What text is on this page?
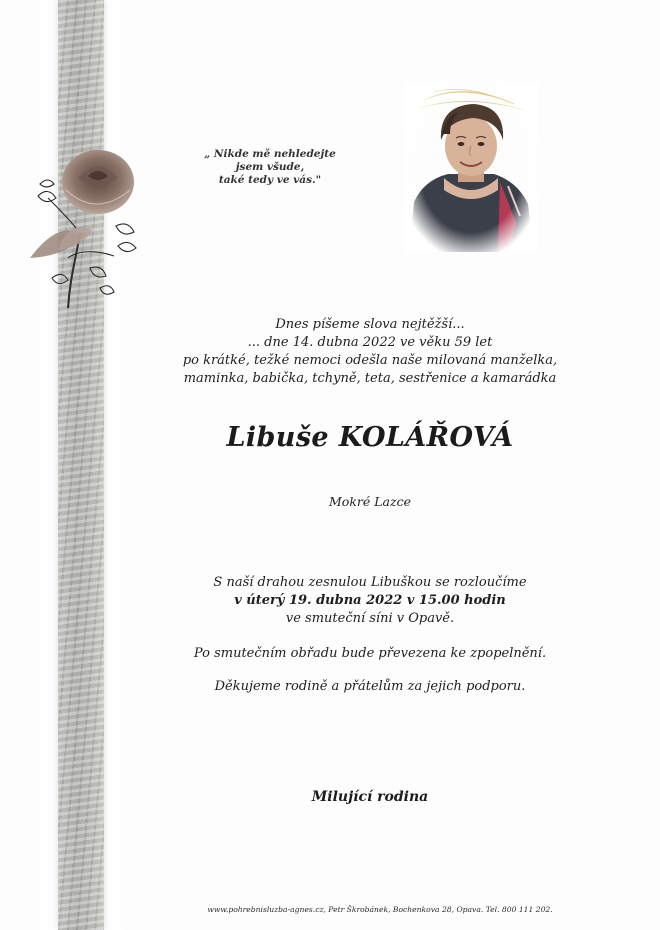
„ Nikde mě nehledejte
jsem všude,
také tedy ve vás."
Dnes píšeme slova nejtěžší...
... dne 14. dubna 2022 ve věku 59 let
po krátké, težké nemoci odešla naše milovaná manželka,
maminka, babička, tchyně, teta, sestřenice a kamarádka
Libuše KOLÁŘOVÁ
Mokré Lazce
S naší drahou zesnulou Libuškou se rozloučíme
v úterý 19. dubna 2022 v 15.00 hodin
ve smuteční síni v Opavě.
Po smutečním obřadu bude převezena ke zpopelnění.
Děkujeme rodině a přátelům za jejich podporu.
Milující rodina
www.pohrebnisluzba-agnes.cz, Petr Škrobánek, Bochenkova 28, Opava. Tel. 800 111 202.
